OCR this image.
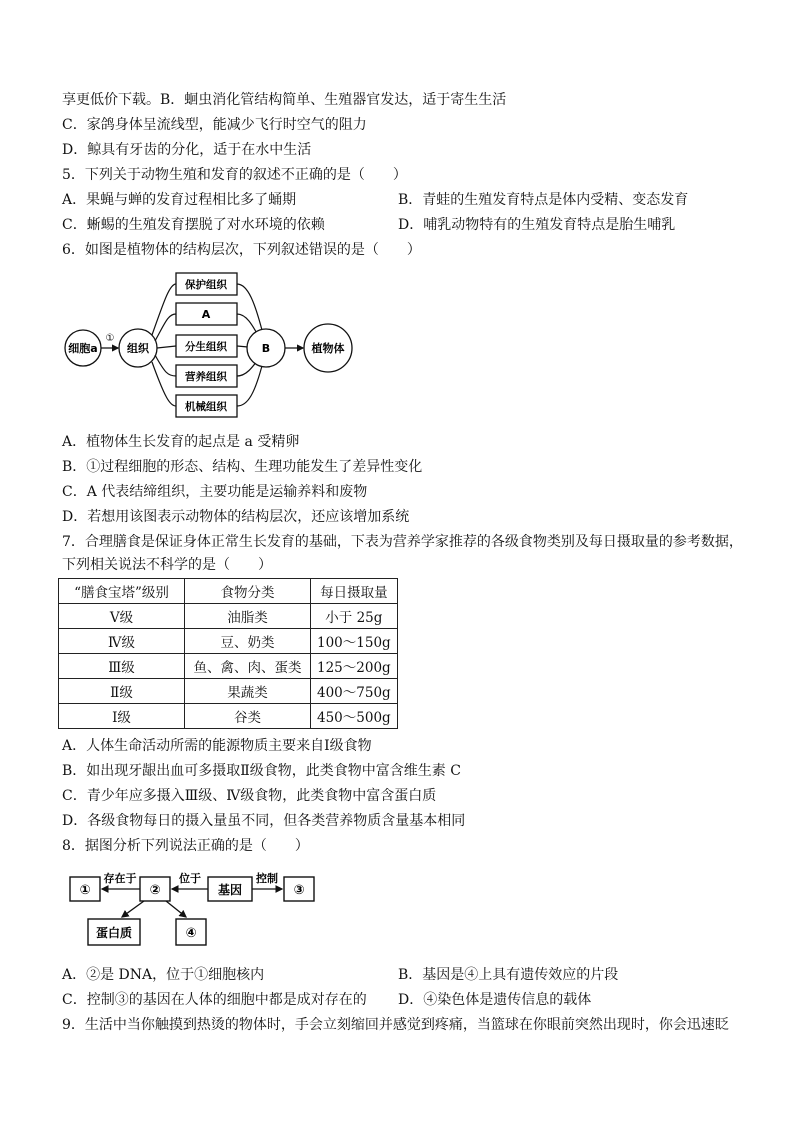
享更低价下载。B．蛔虫消化管结构简单、生殖器官发达，适于寄生生活
C．家鸽身体呈流线型，能减少飞行时空气的阻力
D．鲸具有牙齿的分化，适于在水中生活
5．下列关于动物生殖和发育的叙述不正确的是（　　）
A．果蝇与蝉的发育过程相比多了蛹期	B．青蛙的生殖发育特点是体内受精、变态发育
C．蜥蜴的生殖发育摆脱了对水环境的依赖	D．哺乳动物特有的生殖发育特点是胎生哺乳
6．如图是植物体的结构层次，下列叙述错误的是（　　）
细胞a
①
组织
保护组织
A
分生组织
营养组织
机械组织
B	植物体
A．植物体生长发育的起点是 a 受精卵
B．①过程细胞的形态、结构、生理功能发生了差异性变化
C．A 代表结缔组织，主要功能是运输养料和废物
D．若想用该图表示动物体的结构层次，还应该增加系统
7．合理膳食是保证身体正常生长发育的基础，下表为营养学家推荐的各级食物类别及每日摄取量的参考数据，
下列相关说法不科学的是（　　）
“膳食宝塔”级别	食物分类	每日摄取量
Ⅴ级	油脂类	小于 25g
Ⅳ级	豆、奶类	100～150g
Ⅲ级	鱼、禽、肉、蛋类	125～200g
Ⅱ级	果蔬类	400～750g
Ⅰ级	谷类	450～500g
A．人体生命活动所需的能源物质主要来自Ⅰ级食物
B．如出现牙龈出血可多摄取Ⅱ级食物，此类食物中富含维生素 C
C．青少年应多摄入Ⅲ级、Ⅳ级食物，此类食物中富含蛋白质
D．各级食物每日的摄入量虽不同，但各类营养物质含量基本相同
8．据图分析下列说法正确的是（　　）
①	②	基因	③
存在于	位于	控制
蛋白质	④
A．②是 DNA，位于①细胞核内	B．基因是④上具有遗传效应的片段
C．控制③的基因在人体的细胞中都是成对存在的 D．④染色体是遗传信息的载体
9．生活中当你触摸到热烫的物体时，手会立刻缩回并感觉到疼痛，当篮球在你眼前突然出现时，你会迅速眨
